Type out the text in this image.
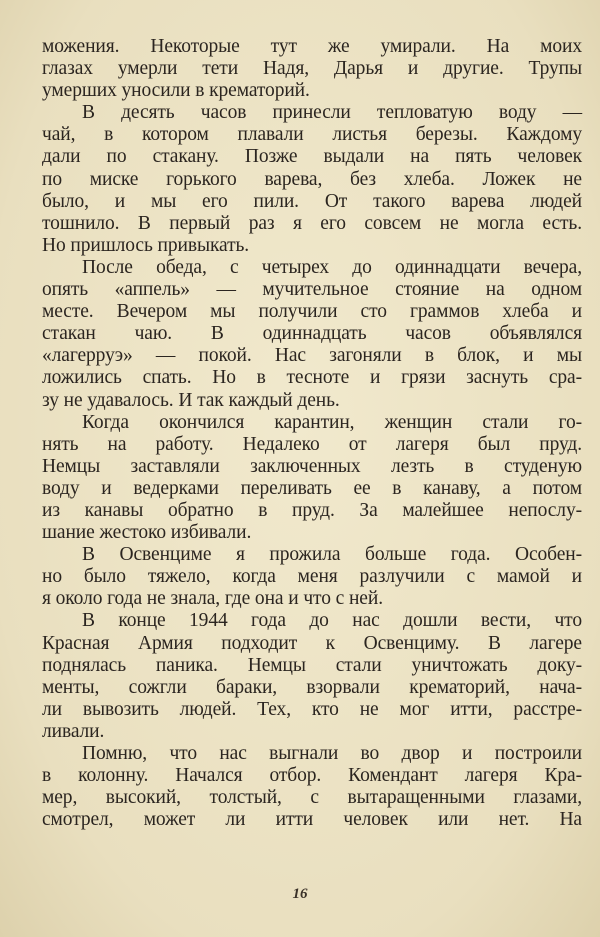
можения. Некоторые тут же умирали. На моих
глазах умерли тети Надя, Дарья и другие. Трупы
умерших уносили в крематорий.
В десять часов принесли тепловатую воду —
чай, в котором плавали листья березы. Каждому
дали по стакану. Позже выдали на пять человек
по миске горького варева, без хлеба. Ложек не
было, и мы его пили. От такого варева людей
тошнило. В первый раз я его совсем не могла есть.
Но пришлось привыкать.
После обеда, с четырех до одиннадцати вечера,
опять «аппель» — мучительное стояние на одном
месте. Вечером мы получили сто граммов хлеба и
стакан чаю. В одиннадцать часов объявлялся
«лагерруэ» — покой. Нас загоняли в блок, и мы
ложились спать. Но в тесноте и грязи заснуть сра-
зу не удавалось. И так каждый день.
Когда окончился карантин, женщин стали го-
нять на работу. Недалеко от лагеря был пруд.
Немцы заставляли заключенных лезть в студеную
воду и ведерками переливать ее в канаву, а потом
из канавы обратно в пруд. За малейшее непослу-
шание жестоко избивали.
В Освенциме я прожила больше года. Особен-
но было тяжело, когда меня разлучили с мамой и
я около года не знала, где она и что с ней.
В конце 1944 года до нас дошли вести, что
Красная Армия подходит к Освенциму. В лагере
поднялась паника. Немцы стали уничтожать доку-
менты, сожгли бараки, взорвали крематорий, нача-
ли вывозить людей. Тех, кто не мог итти, расстре-
ливали.
Помню, что нас выгнали во двор и построили
в колонну. Начался отбор. Комендант лагеря Кра-
мер, высокий, толстый, с вытаращенными глазами,
смотрел, может ли итти человек или нет. На
16
